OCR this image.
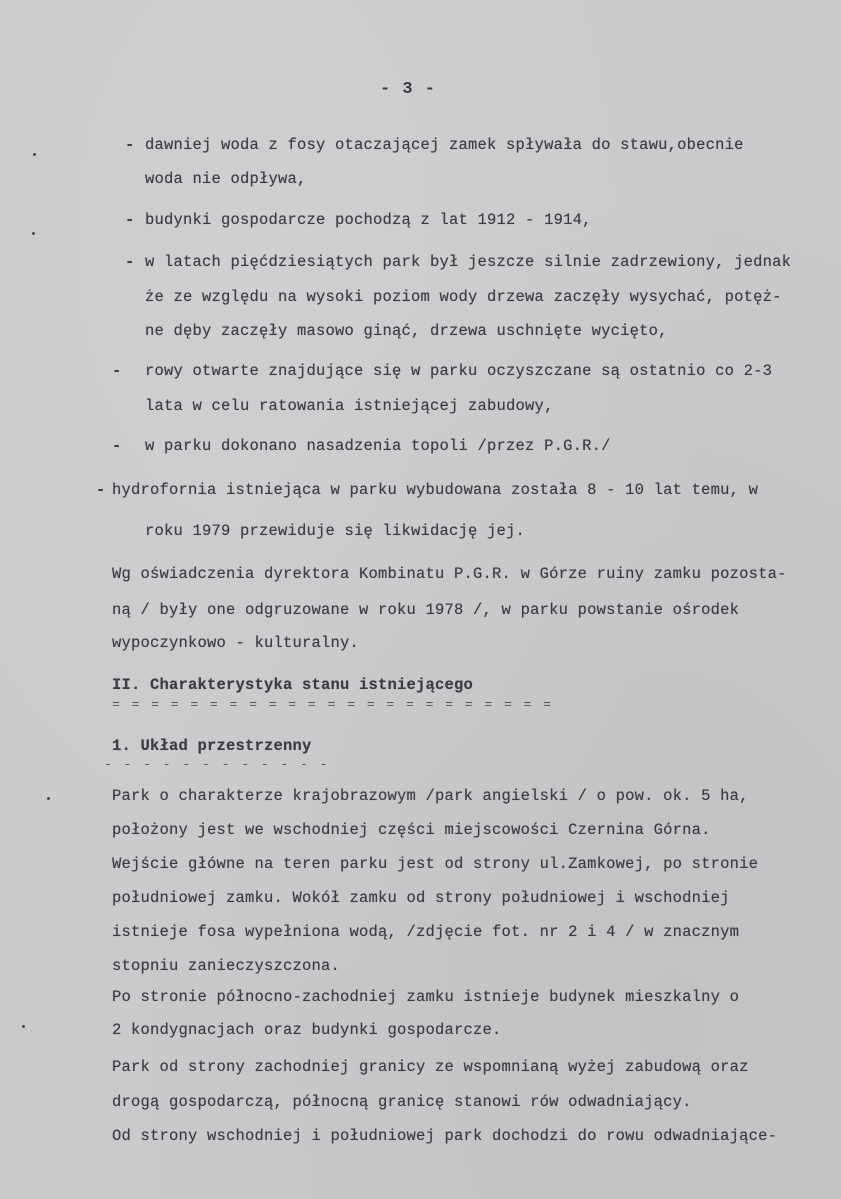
- 3 -
- dawniej woda z fosy otaczającej zamek spływała do stawu,obecnie
woda nie odpływa,
- budynki gospodarcze pochodzą z lat 1912 - 1914,
- w latach pięćdziesiątych park był jeszcze silnie zadrzewiony, jednak
że ze względu na wysoki poziom wody drzewa zaczęły wysychać, potęż-
ne dęby zaczęły masowo ginąć, drzewa uschnięte wycięto,
- rowy otwarte znajdujące się w parku oczyszczane są ostatnio co 2-3
lata w celu ratowania istniejącej zabudowy,
- w parku dokonano nasadzenia topoli /przez P.G.R./
- hydrofornia istniejąca w parku wybudowana została 8 - 10 lat temu, w
roku 1979 przewiduje się likwidację jej.
Wg oświadczenia dyrektora Kombinatu P.G.R. w Górze ruiny zamku pozosta-
ną / były one odgruzowane w roku 1978 /, w parku powstanie ośrodek
wypoczynkowo - kulturalny.
II. Charakterystyka stanu istniejącego
= = = = = = = = = = = = = = = = = = = = = = =
1. Układ przestrzenny
- - - - - - - - - - - -
Park o charakterze krajobrazowym /park angielski / o pow. ok. 5 ha,
położony jest we wschodniej części miejscowości Czernina Górna.
Wejście główne na teren parku jest od strony ul.Zamkowej, po stronie
południowej zamku. Wokół zamku od strony południowej i wschodniej
istnieje fosa wypełniona wodą, /zdjęcie fot. nr 2 i 4 / w znacznym
stopniu zanieczyszczona.
Po stronie północno-zachodniej zamku istnieje budynek mieszkalny o
2 kondygnacjach oraz budynki gospodarcze.
Park od strony zachodniej granicy ze wspomnianą wyżej zabudową oraz
drogą gospodarczą, północną granicę stanowi rów odwadniający.
Od strony wschodniej i południowej park dochodzi do rowu odwadniające-
